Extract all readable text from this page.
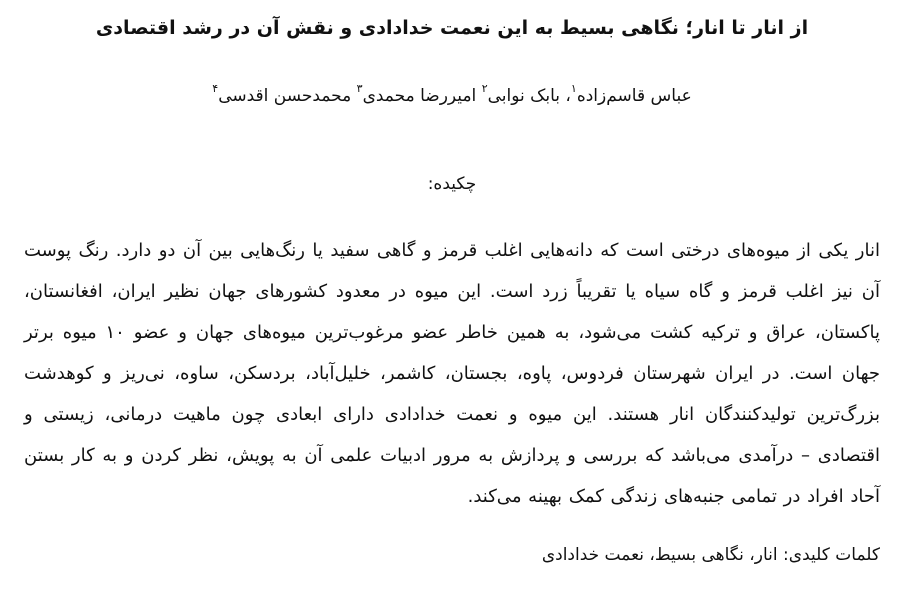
از انار تا انار؛ نگاهی بسیط به این نعمت خدادادی و نقش آن در رشد اقتصادی
عباس قاسم‌زاده$^۱$، بابک نوابی$^۲$ امیررضا محمدی$^۳$ محمدحسن اقدسی$^۴$
چکیده:

انار یکی از میوه‌های درختی است که دانه‌هایی اغلب قرمز و گاهی سفید یا رنگ‌هایی بین آن دو دارد. رنگ پوست آن نیز اغلب قرمز و گاه سیاه یا تقریباً زرد است. این میوه در معدود کشورهای جهان نظیر ایران، افغانستان، پاکستان، عراق و ترکیه کشت می‌شود، به همین خاطر عضو مرغوب‌ترین میوه‌های جهان و عضو ۱۰ میوه برتر جهان است. در ایران شهرستان فردوس، پاوه، بجستان، کاشمر، خلیل‌آباد، بردسکن، ساوه، نی‌ریز و کوهدشت بزرگ‌ترین تولیدکنندگان انار هستند. این میوه و نعمت خدادادی دارای ابعادی چون ماهیت درمانی، زیستی و اقتصادی – درآمدی می‌باشد که بررسی و پردازش به مرور ادبیات علمی آن به پویش، نظر کردن و به کار بستن آحاد افراد در تمامی جنبه‌های زندگی کمک بهینه می‌کند.

کلمات کلیدی: انار، نگاهی بسیط، نعمت خدادادی
